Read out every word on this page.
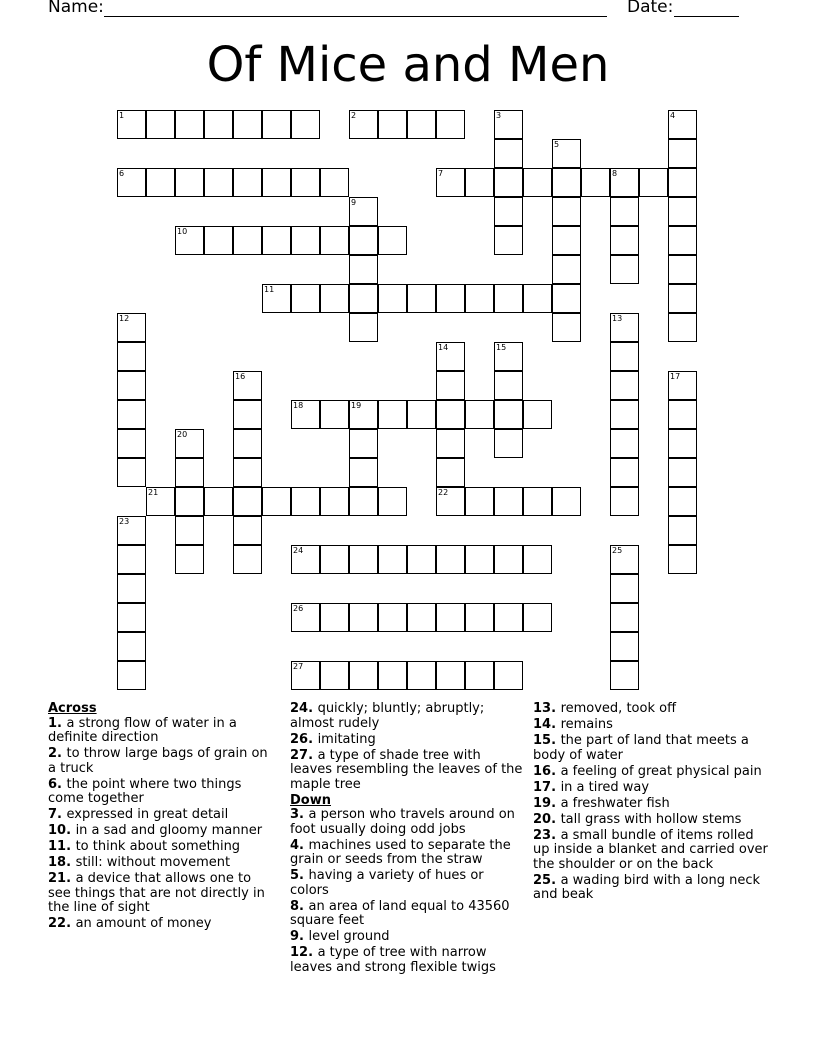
Name:	Date:
Of Mice and Men
1	2
6	7	8
10
11
18	19
21	22
24
26
27
3	4
5
9
12	13
14	15
16	17
20
23
25
Across
1. a strong flow of water in a definite direction
2. to throw large bags of grain on a truck
6. the point where two things come together
7. expressed in great detail
10. in a sad and gloomy manner
11. to think about something
18. still: without movement
21. a device that allows one to see things that are not directly in the line of sight
22. an amount of money
24. quickly; bluntly; abruptly; almost rudely
26. imitating
27. a type of shade tree with leaves resembling the leaves of the maple tree
Down
3. a person who travels around on foot usually doing odd jobs
4. machines used to separate the grain or seeds from the straw
5. having a variety of hues or colors
8. an area of land equal to 43560 square feet
9. level ground
12. a type of tree with narrow leaves and strong flexible twigs
13. removed, took off
14. remains
15. the part of land that meets a body of water
16. a feeling of great physical pain
17. in a tired way
19. a freshwater fish
20. tall grass with hollow stems
23. a small bundle of items rolled up inside a blanket and carried over the shoulder or on the back
25. a wading bird with a long neck and beak
